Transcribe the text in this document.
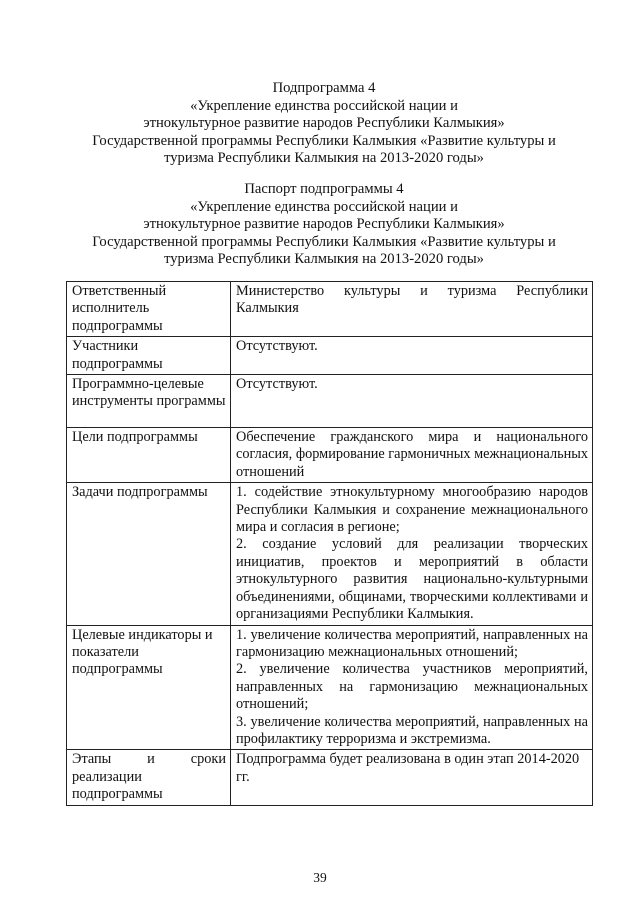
Подпрограмма 4
«Укрепление единства российской нации и
этнокультурное развитие народов Республики Калмыкия»
Государственной программы Республики Калмыкия «Развитие культуры и
туризма Республики Калмыкия на 2013-2020 годы»
Паспорт подпрограммы 4
«Укрепление единства российской нации и
этнокультурное развитие народов Республики Калмыкия»
Государственной программы Республики Калмыкия «Развитие культуры и
туризма Республики Калмыкия на 2013-2020 годы»
Ответственный исполнитель подпрограммы	Министерство культуры и туризма Республики Калмыкия

Участники подпрограммы	Отсутствуют.

Программно-целевые инструменты программы	Отсутствуют.

Цели подпрограммы	Обеспечение гражданского мира и национального согласия, формирование гармоничных межнациональных отношений

Задачи подпрограммы	1. содействие этнокультурному многообразию народов Республики Калмыкия и сохранение межнационального мира и согласия в регионе;

2. создание условий для реализации творческих инициатив, проектов и мероприятий в области этнокультурного развития национально-культурными объединениями, общинами, творческими коллективами и организациями Республики Калмыкия.

Целевые индикаторы и показатели подпрограммы	1. увеличение количества мероприятий, направленных на гармонизацию межнациональных отношений;

2. увеличение количества участников мероприятий, направленных на гармонизацию межнациональных отношений;

3. увеличение количества мероприятий, направленных на профилактику терроризма и экстремизма.

Этапы и сроки реализации подпрограммы	Подпрограмма будет реализована в один этап 2014-2020 гг.

39
